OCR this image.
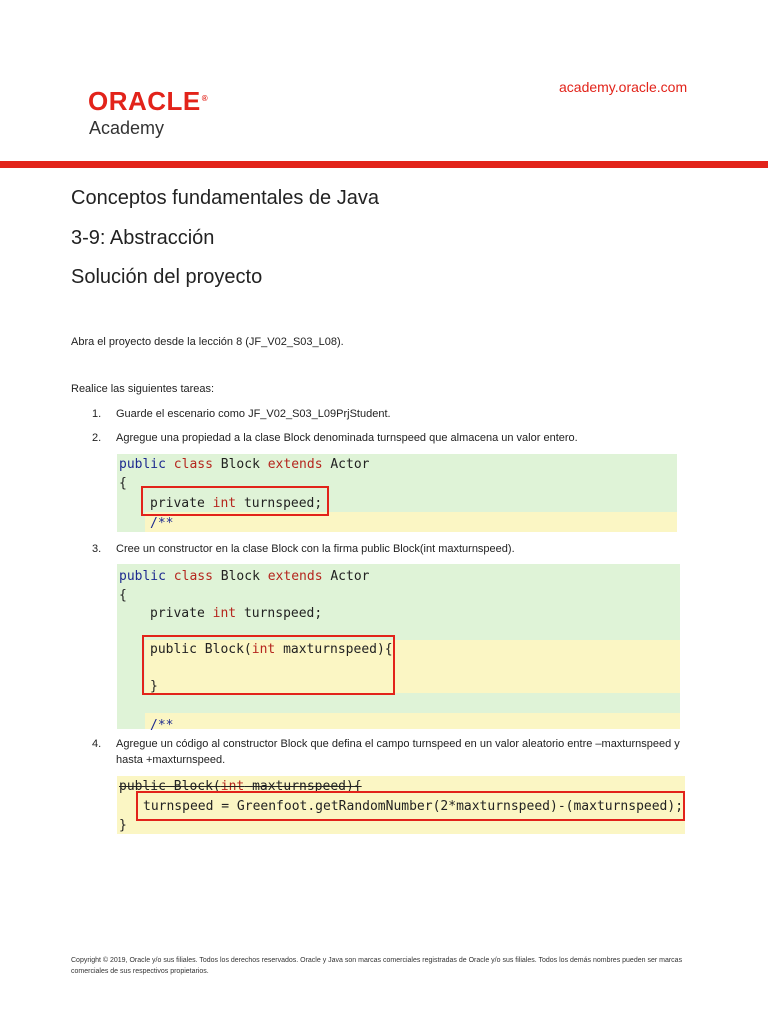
ORACLE®
Academy
academy.oracle.com
Conceptos fundamentales de Java
3-9: Abstracción
Solución del proyecto
Abra el proyecto desde la lección 8 (JF_V02_S03_L08).
Realice las siguientes tareas:
1. Guarde el escenario como JF_V02_S03_L09PrjStudent.
2. Agregue una propiedad a la clase Block denominada turnspeed que almacena un valor entero.
public class Block extends Actor
{
private int turnspeed;
/**
3. Cree un constructor en la clase Block con la firma public Block(int maxturnspeed).
public class Block extends Actor
{
private int turnspeed;
public Block(int maxturnspeed){
}
/**
4. Agregue un código al constructor Block que defina el campo turnspeed en un valor aleatorio entre –maxturnspeed y hasta +maxturnspeed.
public Block(int maxturnspeed){
turnspeed = Greenfoot.getRandomNumber(2*maxturnspeed)-(maxturnspeed);
}
Copyright © 2019, Oracle y/o sus filiales. Todos los derechos reservados. Oracle y Java son marcas comerciales registradas de Oracle y/o sus filiales. Todos los demás nombres pueden ser marcas comerciales de sus respectivos propietarios.
